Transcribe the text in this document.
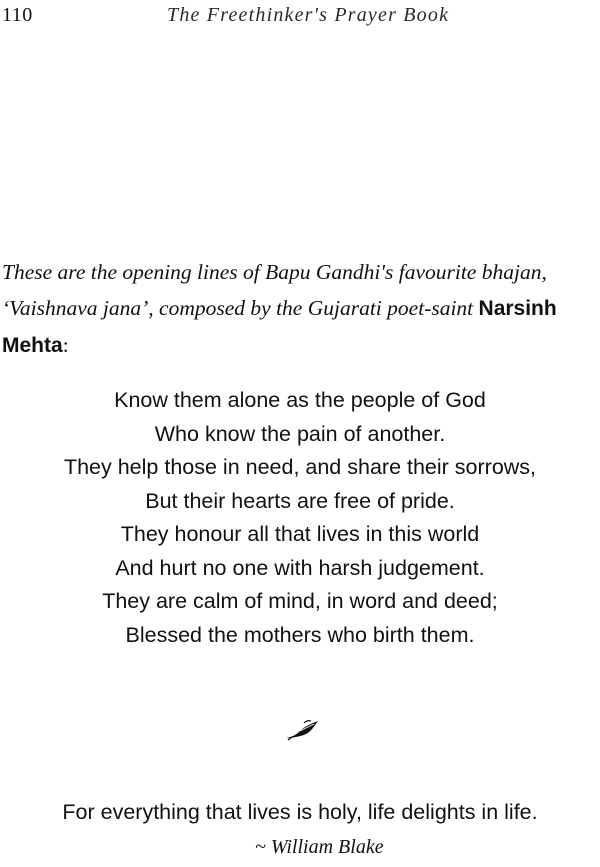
110	The Freethinker's Prayer Book

These are the opening lines of Bapu Gandhi's favourite bhajan, ‘Vaishnava jana’, composed by the Gujarati poet-saint Narsinh Mehta:

Know them alone as the people of God
Who know the pain of another.
They help those in need, and share their sorrows,
But their hearts are free of pride.
They honour all that lives in this world
And hurt no one with harsh judgement.
They are calm of mind, in word and deed;
Blessed the mothers who birth them.
For everything that lives is holy, life delights in life.
~ William Blake
